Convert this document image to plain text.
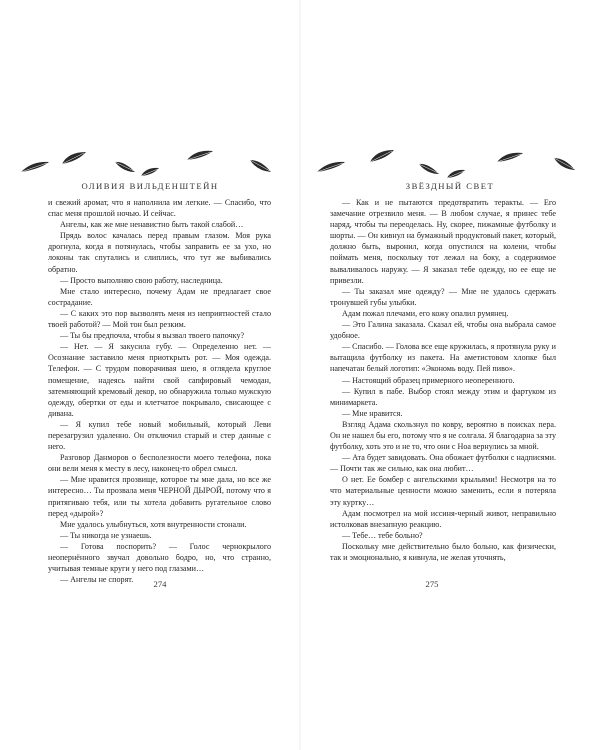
ОЛИВИЯ ВИЛЬДЕНШТЕЙН

и свежий аромат, что я наполнила им легкие. — Спасибо, что спас меня прошлой ночью. И сейчас.

Ангелы, как же мне ненавистно быть такой слабой…

Прядь волос качалась перед правым глазом. Моя рука дрогнула, когда я потянулась, чтобы заправить ее за ухо, но локоны так спутались и слиплись, что тут же выбивались обратно.

— Просто выполняю свою работу, наследница.

Мне стало интересно, почему Адам не предлагает свое сострадание.

— С каких это пор вызволять меня из неприятностей стало твоей работой? — Мой тон был резким.

— Ты бы предпочла, чтобы я вызвал твоего папочку?

— Нет. — Я закусила губу. — Определенно нет. — Осознание заставило меня приоткрыть рот. — Моя одежда. Телефон. — С трудом поворачивая шею, я оглядела круглое помещение, надеясь найти свой сапфировый чемодан, затемняющий кремовый декор, но обнаружила только мужскую одежду, обертки от еды и клетчатое покрывало, свисающее с дивана.

— Я купил тебе новый мобильный, который Леви перезагрузил удаленно. Он отключил старый и стер данные с него.

Разговор Данморов о бесполезности моего телефона, пока они вели меня к месту в лесу, наконец-то обрел смысл.

— Мне нравится прозвище, которое ты мне дала, но все же интересно… Ты прозвала меня ЧЕРНОЙ ДЫРОЙ, потому что я притягиваю тебя, или ты хотела добавить ругательное слово перед «дырой»?

Мне удалось улыбнуться, хотя внутренности стонали.

— Ты никогда не узнаешь.

— Готова поспорить? — Голос чернокрылого неопернённого звучал довольно бодро, но, что странно, учитывая темные круги у него под глазами…

— Ангелы не спорят.	274
ЗВЁЗДНЫЙ СВЕТ

— Как и не пытаются предотвратить теракты. — Его замечание отрезвило меня. — В любом случае, я принес тебе наряд, чтобы ты переоделась. Ну, скорее, пижамные футболку и шорты. — Он кивнул на бумажный продуктовый пакет, который, должно быть, выронил, когда опустился на колени, чтобы поймать меня, поскольку тот лежал на боку, а содержимое вываливалось наружу. — Я заказал тебе одежду, но ее еще не привезли.

— Ты заказал мне одежду? — Мне не удалось сдержать тронувшей губы улыбки.

Адам пожал плечами, его кожу опалил румянец.

— Это Галина заказала. Сказал ей, чтобы она выбрала самое удобное.

— Спасибо. — Голова все еще кружилась, я протянула руку и вытащила футболку из пакета. На аметистовом хлопке был напечатан белый логотип: «Экономь воду. Пей пиво».

— Настоящий образец примерного неоперенного.

— Купил в пабе. Выбор стоял между этим и фартуком из минимаркета.

— Мне нравится.

Взгляд Адама скользнул по ковру, вероятно в поисках пера. Он не нашел бы его, потому что я не солгала. Я благодарна за эту футболку, хоть это и не то, что они с Ноа вернулись за мной.

— Ата будет завидовать. Она обожает футболки с надписями. — Почти так же сильно, как она любит…

О нет. Ее бомбер с ангельскими крыльями! Несмотря на то что материальные ценности можно заменить, если я потеряла эту куртку…

Адам посмотрел на мой иссиня-черный живот, неправильно истолковав внезапную реакцию.

— Тебе… тебе больно?

Поскольку мне действительно было больно, как физически, так и эмоционально, я кивнула, не желая уточнять,

275
